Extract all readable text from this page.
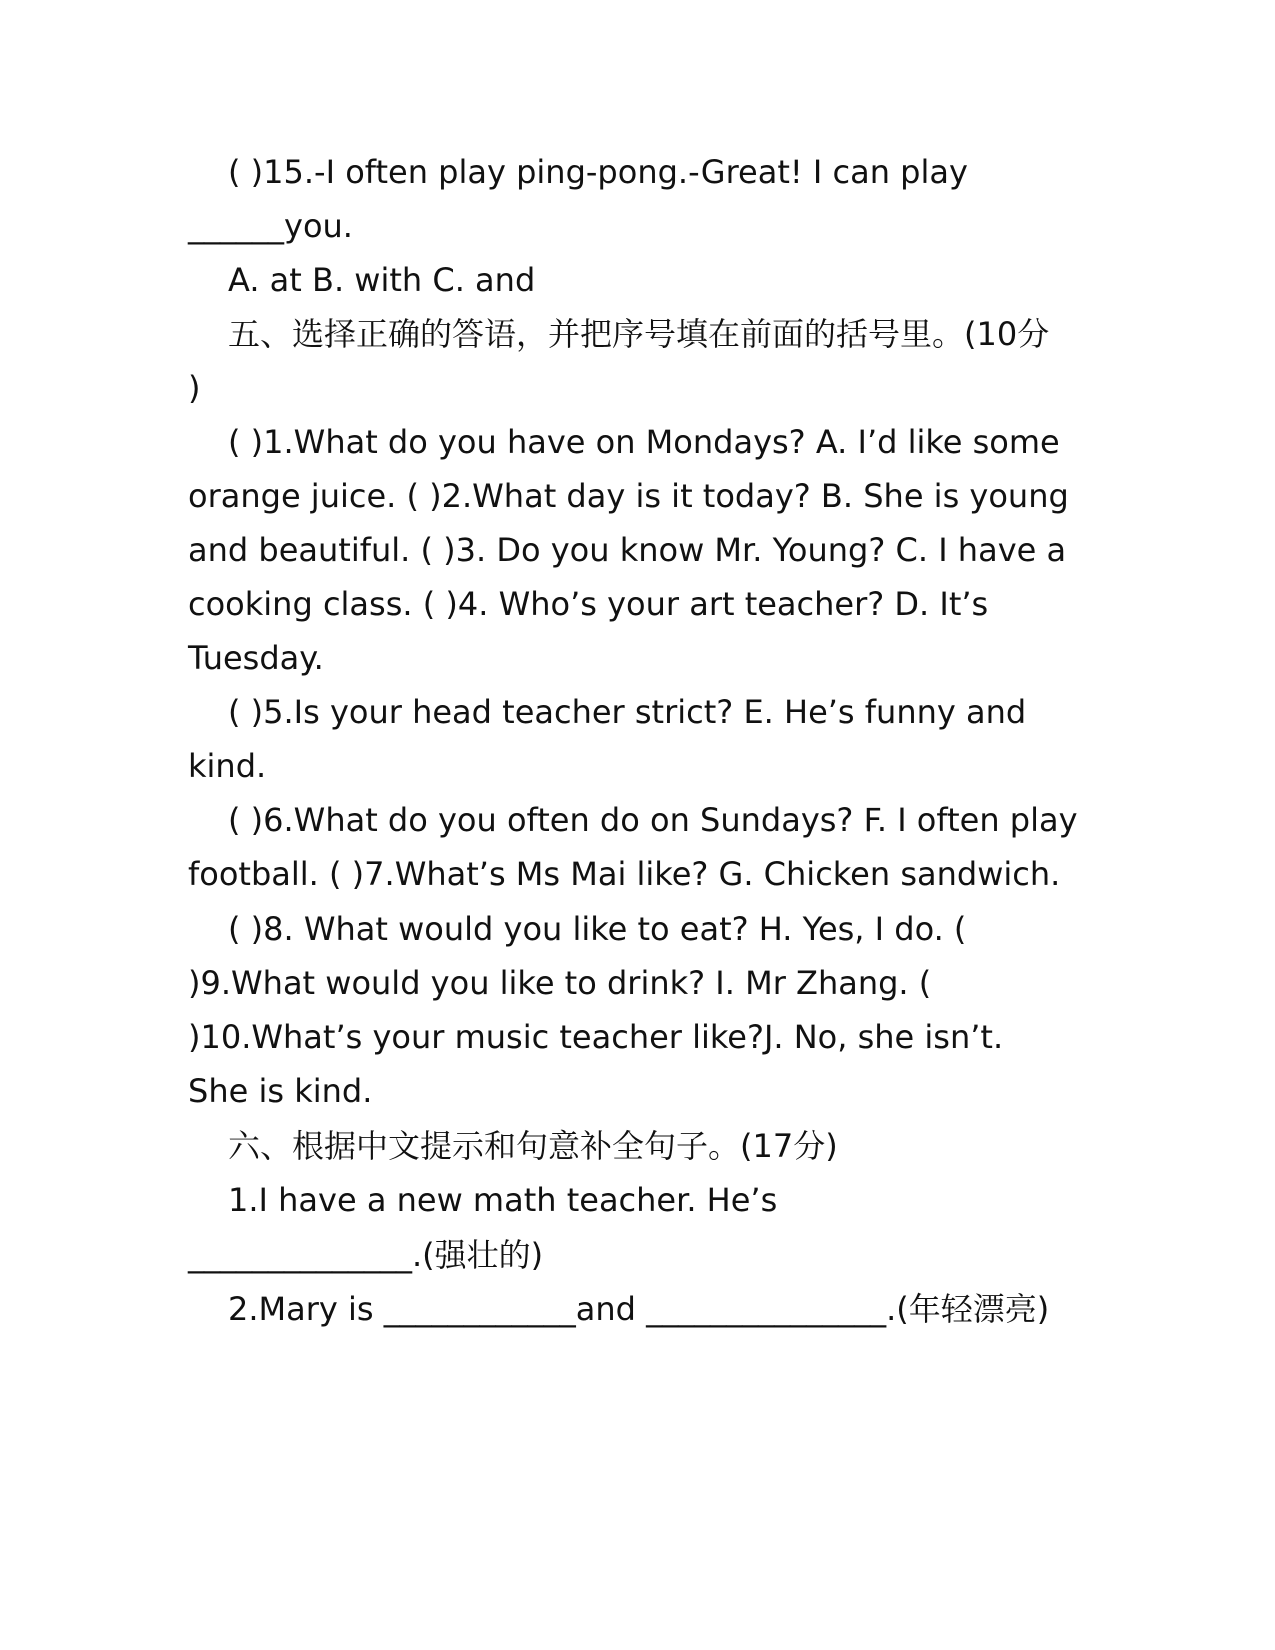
( )15.-I often play ping-pong.-Great! I can play
______you.
A. at B. with C. and
五、选择正确的答语，并把序号填在前面的括号里。(10分
)
( )1.What do you have on Mondays? A. I’d like some
orange juice. ( )2.What day is it today? B. She is young
and beautiful. ( )3. Do you know Mr. Young? C. I have a
cooking class. ( )4. Who’s your art teacher? D. It’s
Tuesday.
( )5.Is your head teacher strict? E. He’s funny and
kind.
( )6.What do you often do on Sundays? F. I often play
football. ( )7.What’s Ms Mai like? G. Chicken sandwich.
( )8. What would you like to eat? H. Yes, I do. (
)9.What would you like to drink? I. Mr Zhang. (
)10.What’s your music teacher like?J. No, she isn’t.
She is kind.
六、根据中文提示和句意补全句子。(17分)
1.I have a new math teacher. He’s
______________.(强壮的)
2.Mary is ____________and _______________.(年轻漂亮)
